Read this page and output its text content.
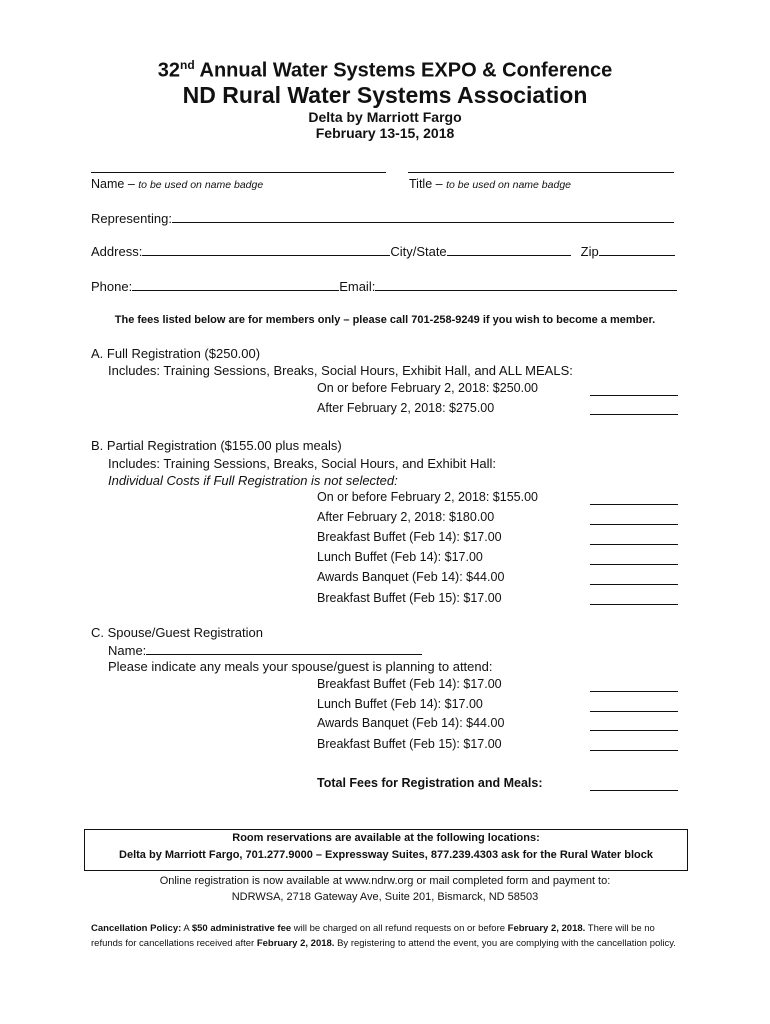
32nd Annual Water Systems EXPO & Conference
ND Rural Water Systems Association
Delta by Marriott Fargo
February 13-15, 2018
Name – to be used on name badge	Title – to be used on name badge
Representing:
Address:	City/State	Zip
Phone:	Email:
The fees listed below are for members only – please call 701-258-9249 if you wish to become a member.
A. Full Registration ($250.00)
Includes: Training Sessions, Breaks, Social Hours, Exhibit Hall, and ALL MEALS:
On or before February 2, 2018: $250.00
After February 2, 2018: $275.00
B. Partial Registration ($155.00 plus meals)
Includes: Training Sessions, Breaks, Social Hours, and Exhibit Hall:
Individual Costs if Full Registration is not selected:
On or before February 2, 2018: $155.00
After February 2, 2018: $180.00
Breakfast Buffet (Feb 14): $17.00
Lunch Buffet (Feb 14): $17.00
Awards Banquet (Feb 14): $44.00
Breakfast Buffet (Feb 15): $17.00
C. Spouse/Guest Registration
Name:
Please indicate any meals your spouse/guest is planning to attend:
Breakfast Buffet (Feb 14): $17.00
Lunch Buffet (Feb 14): $17.00
Awards Banquet (Feb 14): $44.00
Breakfast Buffet (Feb 15): $17.00
Total Fees for Registration and Meals:
Room reservations are available at the following locations:
Delta by Marriott Fargo, 701.277.9000 – Expressway Suites, 877.239.4303 ask for the Rural Water block
Online registration is now available at www.ndrw.org or mail completed form and payment to:
NDRWSA, 2718 Gateway Ave, Suite 201, Bismarck, ND 58503
Cancellation Policy: A $50 administrative fee will be charged on all refund requests on or before February 2, 2018. There will be no refunds for cancellations received after February 2, 2018. By registering to attend the event, you are complying with the cancellation policy.
